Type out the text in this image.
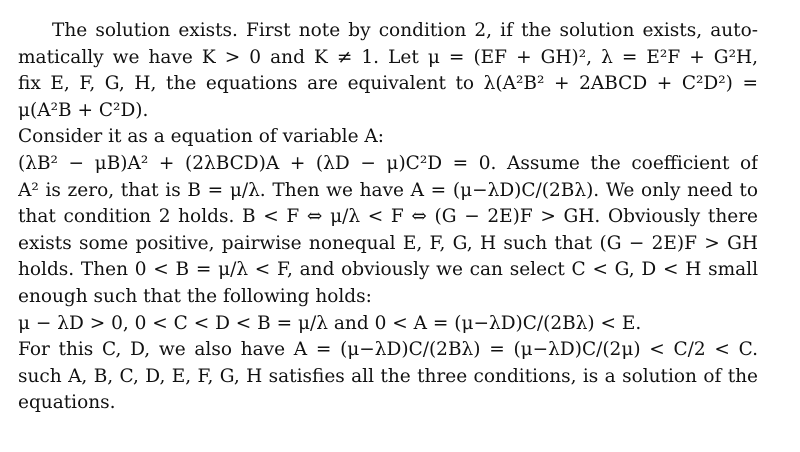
The solution exists. First note by condition 2, if the solution exists, auto-
matically we have K > 0 and K ≠ 1. Let μ = (EF + GH)², λ = E²F + G²H,
fix E, F, G, H, the equations are equivalent to λ(A²B² + 2ABCD + C²D²) =
μ(A²B + C²D).
Consider it as a equation of variable A:
(λB² − μB)A² + (2λBCD)A + (λD − μ)C²D = 0. Assume the coefficient of
A² is zero, that is B = μ/λ. Then we have A = (μ−λD)C/(2Bλ). We only need to
that condition 2 holds. B < F ⇔ μ/λ < F ⇔ (G − 2E)F > GH. Obviously there
exists some positive, pairwise nonequal E, F, G, H such that (G − 2E)F > GH
holds. Then 0 < B = μ/λ < F, and obviously we can select C < G, D < H small
enough such that the following holds:
μ − λD > 0, 0 < C < D < B = μ/λ and 0 < A = (μ−λD)C/(2Bλ) < E.
For this C, D, we also have A = (μ−λD)C/(2Bλ) = (μ−λD)C/(2μ) < C/2 < C.
such A, B, C, D, E, F, G, H satisfies all the three conditions, is a solution of the
equations.
